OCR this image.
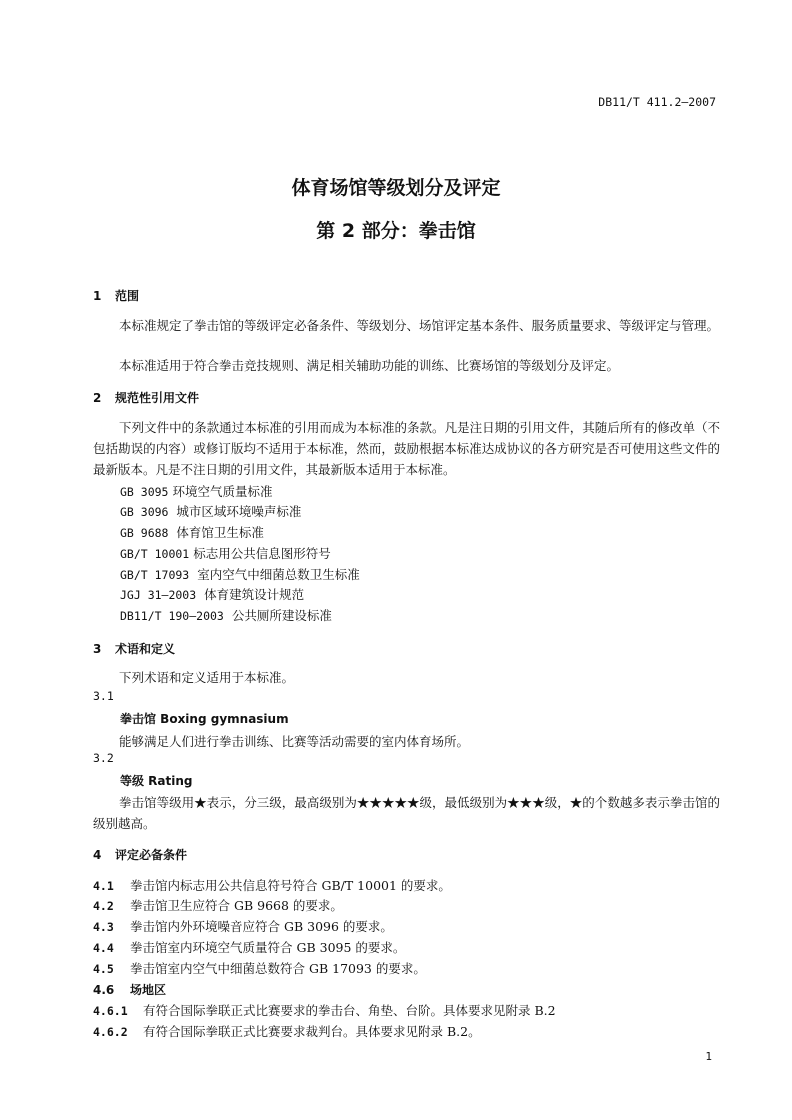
DB11/T 411.2—2007
体育场馆等级划分及评定
第 2 部分：拳击馆
1 范围

本标准规定了拳击馆的等级评定必备条件、等级划分、场馆评定基本条件、服务质量要求、等级评定与管理。

本标准适用于符合拳击竞技规则、满足相关辅助功能的训练、比赛场馆的等级划分及评定。

2 规范性引用文件

下列文件中的条款通过本标准的引用而成为本标准的条款。凡是注日期的引用文件，其随后所有的修改单（不包括勘误的内容）或修订版均不适用于本标准，然而，鼓励根据本标准达成协议的各方研究是否可使用这些文件的最新版本。凡是不注日期的引用文件，其最新版本适用于本标准。

GB 3095 环境空气质量标准
GB 3096 城市区域环境噪声标准
GB 9688 体育馆卫生标准
GB/T 10001 标志用公共信息图形符号
GB/T 17093 室内空气中细菌总数卫生标准
JGJ 31—2003 体育建筑设计规范
DB11/T 190—2003 公共厕所建设标准
3 术语和定义

下列术语和定义适用于本标准。

3.1
拳击馆 Boxing gymnasium

能够满足人们进行拳击训练、比赛等活动需要的室内体育场所。

3.2
等级 Rating

拳击馆等级用★表示，分三级，最高级别为★★★★★级，最低级别为★★★级，★的个数越多表示拳击馆的级别越高。

4 评定必备条件
4.1 拳击馆内标志用公共信息符号符合 GB/T 10001 的要求。
4.2 拳击馆卫生应符合 GB 9668 的要求。
4.3 拳击馆内外环境噪音应符合 GB 3096 的要求。
4.4 拳击馆室内环境空气质量符合 GB 3095 的要求。
4.5 拳击馆室内空气中细菌总数符合 GB 17093 的要求。
4.6 场地区
4.6.1 有符合国际拳联正式比赛要求的拳击台、角垫、台阶。具体要求见附录 B.2
4.6.2 有符合国际拳联正式比赛要求裁判台。具体要求见附录 B.2。
1
